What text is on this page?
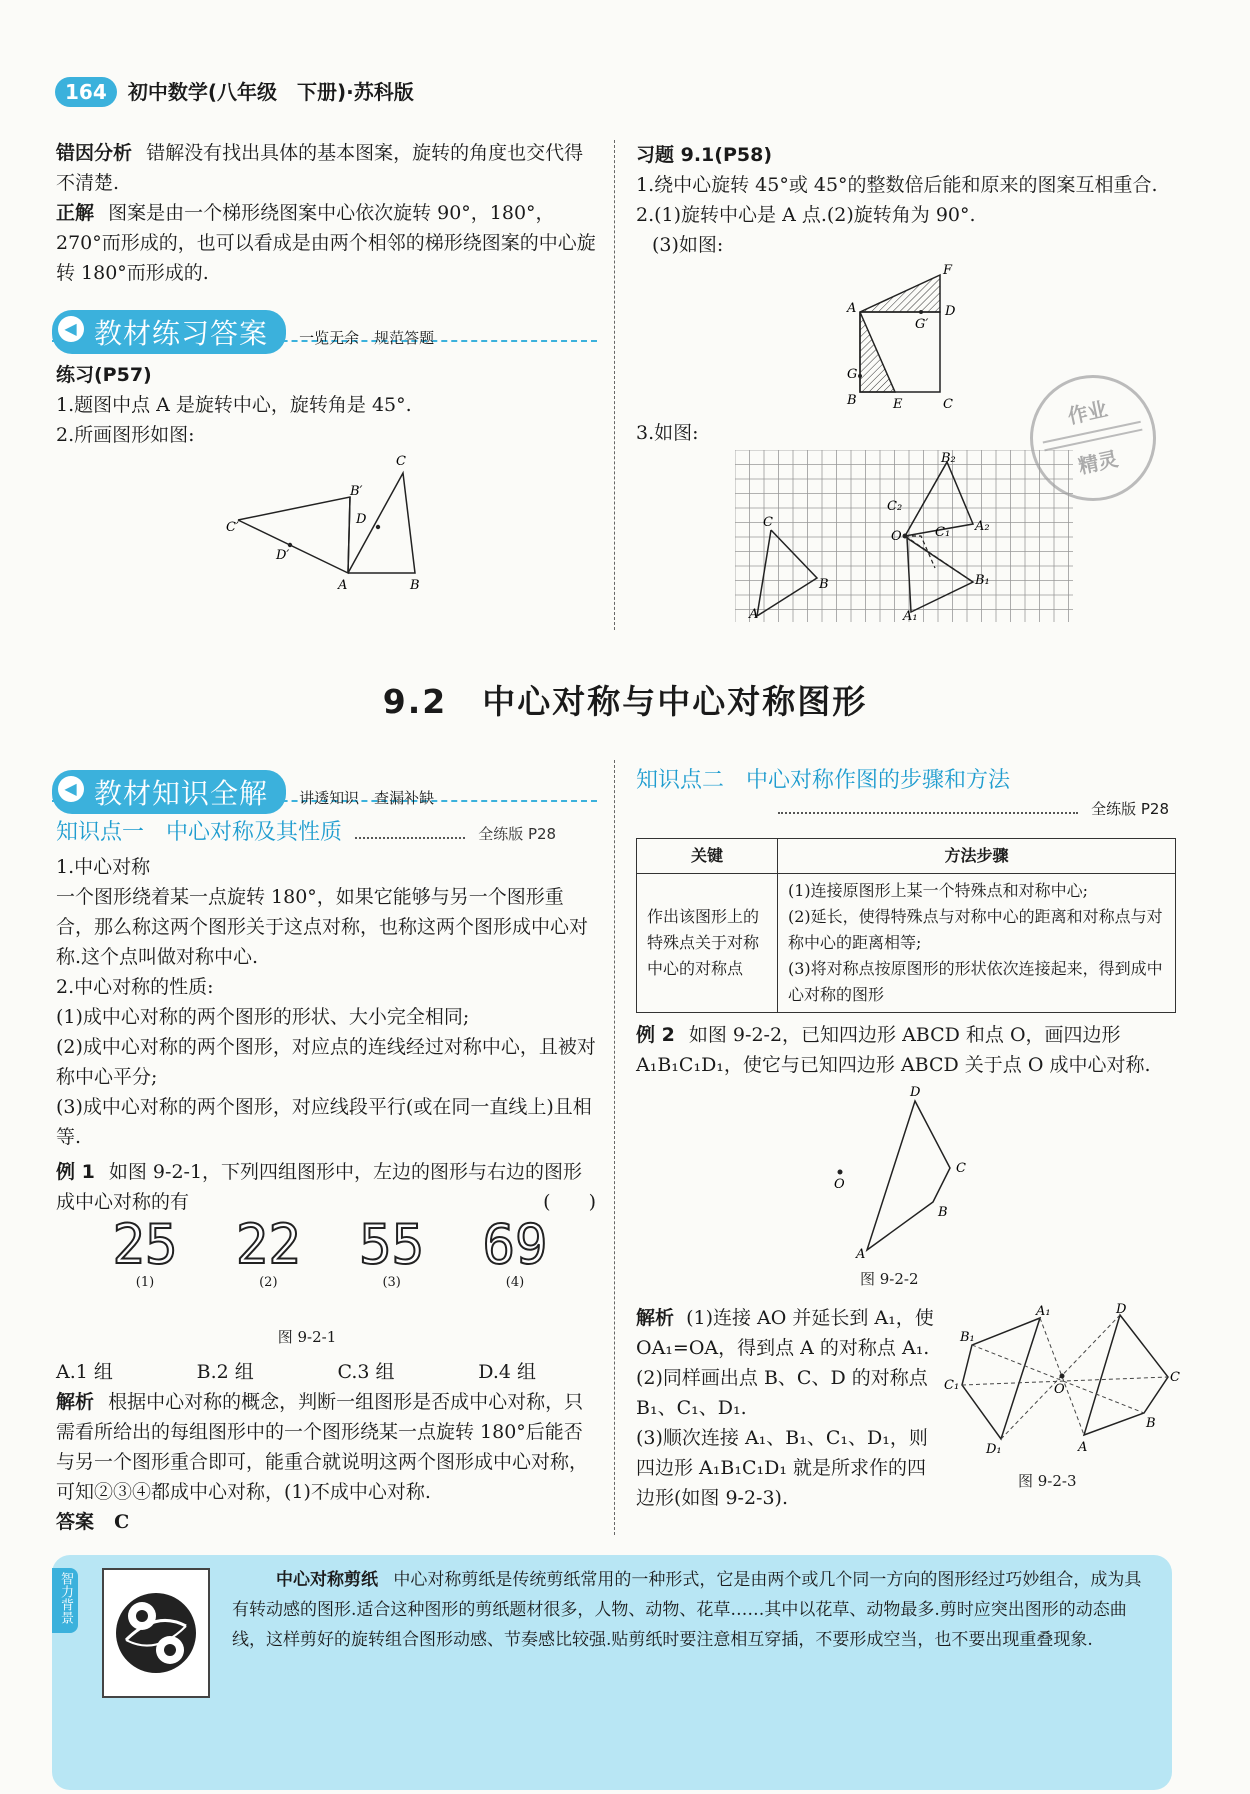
164 初中数学(八年级　下册)·苏科版
错因分析 错解没有找出具体的基本图案，旋转的角度也交代得不清楚.
正解 图案是由一个梯形绕图案中心依次旋转 90°，180°，270°而形成的，也可以看成是由两个相邻的梯形绕图案的中心旋转 180°而形成的.
◀ 教材练习答案 一览无余　规范答题
练习(P57)
1.题图中点 A 是旋转中心，旋转角是 45°.
2.所画图形如图:
C
B′
D
C′
D′
A	B
习题 9.1(P58)
1.绕中心旋转 45°或 45°的整数倍后能和原来的图案互相重合.
2.(1)旋转中心是 A 点.(2)旋转角为 90°.
(3)如图:
F
A	D
G′
G
B	E	C	作业
精灵
3.如图:
C
B
A
B₂
C₂
A₂
O	C₁
B₁
A₁
9.2　中心对称与中心对称图形
◀ 教材知识全解 讲透知识　查漏补缺
知识点一　中心对称及其性质	全练版 P28
1.中心对称
一个图形绕着某一点旋转 180°，如果它能够与另一个图形重合，那么称这两个图形关于这点对称，也称这两个图形成中心对称.这个点叫做对称中心.
2.中心对称的性质:
(1)成中心对称的两个图形的形状、大小完全相同;
(2)成中心对称的两个图形，对应点的连线经过对称中心，且被对称中心平分;
(3)成中心对称的两个图形，对应线段平行(或在同一直线上)且相等.
例 1 如图 9-2-1，下列四组图形中，左边的图形与右边的图形成中心对称的有	(　　)
25
(1)
22
(2)
55
(3)
69
(4)
图 9-2-1
A.1 组	B.2 组	C.3 组	D.4 组
解析 根据中心对称的概念，判断一组图形是否成中心对称，只需看所给出的每组图形中的一个图形绕某一点旋转 180°后能否与另一个图形重合即可，能重合就说明这两个图形成中心对称，可知②③④都成中心对称，(1)不成中心对称.
答案 C
知识点二　中心对称作图的步骤和方法
全练版 P28
关键	方法步骤
作出该图形上的特殊点关于对称中心的对称点	(1)连接原图形上某一个特殊点和对称中心;
(2)延长，使得特殊点与对称中心的距离和对称点与对称中心的距离相等;
(3)将对称点按原图形的形状依次连接起来，得到成中心对称的图形
例 2 如图 9-2-2，已知四边形 ABCD 和点 O，画四边形 A₁B₁C₁D₁，使它与已知四边形 ABCD 关于点 O 成中心对称.
D
C
B
A
O
图 9-2-2
解析 (1)连接 AO 并延长到 A₁，使 OA₁=OA，得到点 A 的对称点 A₁.
(2)同样画出点 B、C、D 的对称点 B₁、C₁、D₁.
(3)顺次连接 A₁、B₁、C₁、D₁，则四边形 A₁B₁C₁D₁ 就是所求作的四边形(如图 9-2-3).
A₁	D
B₁
C₁	O
C
B
D₁	A
图 9-2-3
智力背景	中心对称剪纸 中心对称剪纸是传统剪纸常用的一种形式，它是由两个或几个同一方向的图形经过巧妙组合，成为具有转动感的图形.适合这种图形的剪纸题材很多，人物、动物、花草……其中以花草、动物最多.剪时应突出图形的动态曲线，这样剪好的旋转组合图形动感、节奏感比较强.贴剪纸时要注意相互穿插，不要形成空当，也不要出现重叠现象.
